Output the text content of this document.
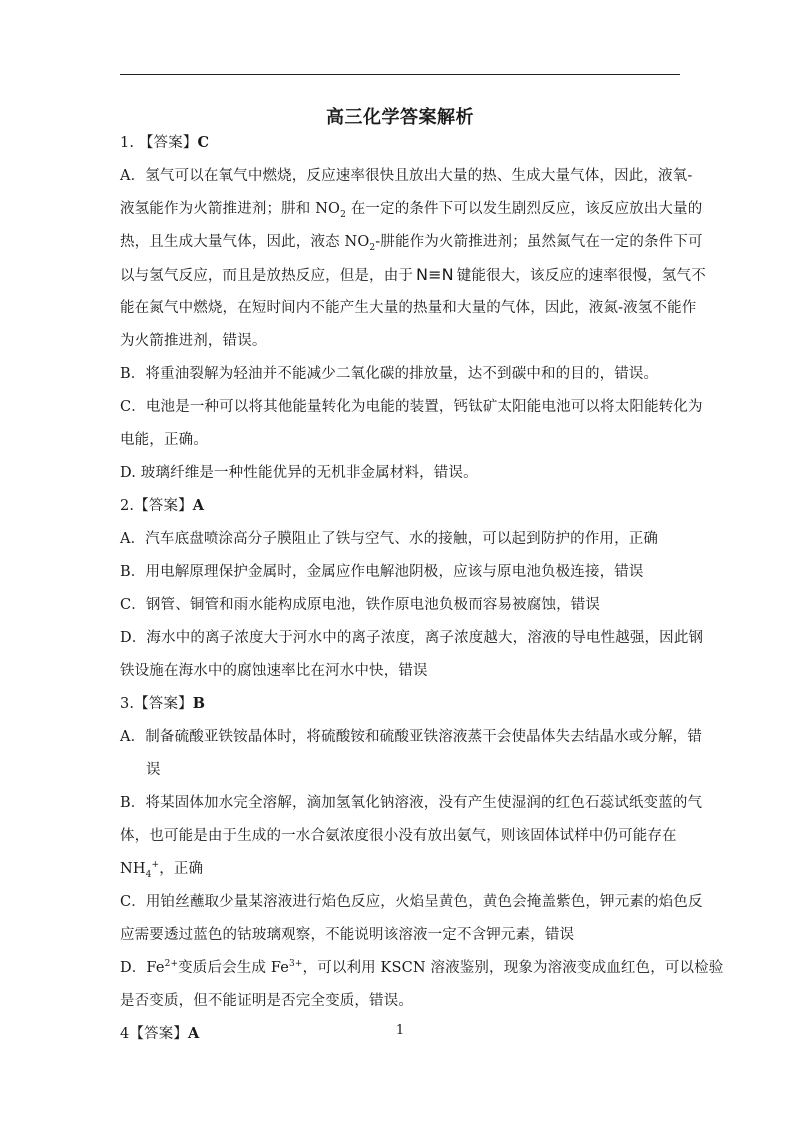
高三化学答案解析
1. 【答案】C
A．氢气可以在氧气中燃烧，反应速率很快且放出大量的热、生成大量气体，因此，液氧-
液氢能作为火箭推进剂；肼和 $NO_2$ 在一定的条件下可以发生剧烈反应，该反应放出大量的
热，且生成大量气体，因此，液态 $NO_2-$肼能作为火箭推进剂；虽然氮气在一定的条件下可
以与氢气反应，而且是放热反应，但是，由于 N≡N 键能很大，该反应的速率很慢，氢气不
能在氮气中燃烧，在短时间内不能产生大量的热量和大量的气体，因此，液氮-液氢不能作
为火箭推进剂，错误。
B．将重油裂解为轻油并不能减少二氧化碳的排放量，达不到碳中和的目的，错误。
C．电池是一种可以将其他能量转化为电能的装置，钙钛矿太阳能电池可以将太阳能转化为
电能，正确。
D. 玻璃纤维是一种性能优异的无机非金属材料，错误。
2.【答案】A
A．汽车底盘喷涂高分子膜阻止了铁与空气、水的接触，可以起到防护的作用，正确
B．用电解原理保护金属时，金属应作电解池阴极，应该与原电池负极连接，错误
C．钢管、铜管和雨水能构成原电池，铁作原电池负极而容易被腐蚀，错误
D．海水中的离子浓度大于河水中的离子浓度，离子浓度越大，溶液的导电性越强，因此钢
铁设施在海水中的腐蚀速率比在河水中快，错误
3.【答案】B
A．制备硫酸亚铁铵晶体时，将硫酸铵和硫酸亚铁溶液蒸干会使晶体失去结晶水或分解，错
误
B．将某固体加水完全溶解，滴加氢氧化钠溶液，没有产生使湿润的红色石蕊试纸变蓝的气
体，也可能是由于生成的一水合氨浓度很小没有放出氨气，则该固体试样中仍可能存在
$NH_4^+$，正确
C．用铂丝蘸取少量某溶液进行焰色反应，火焰呈黄色，黄色会掩盖紫色，钾元素的焰色反
应需要透过蓝色的钴玻璃观察，不能说明该溶液一定不含钾元素，错误
D．$Fe^{2+}$变质后会生成 $Fe^{3+}$，可以利用 KSCN 溶液鉴别，现象为溶液变成血红色，可以检验
是否变质，但不能证明是否完全变质，错误。
4【答案】A	1
